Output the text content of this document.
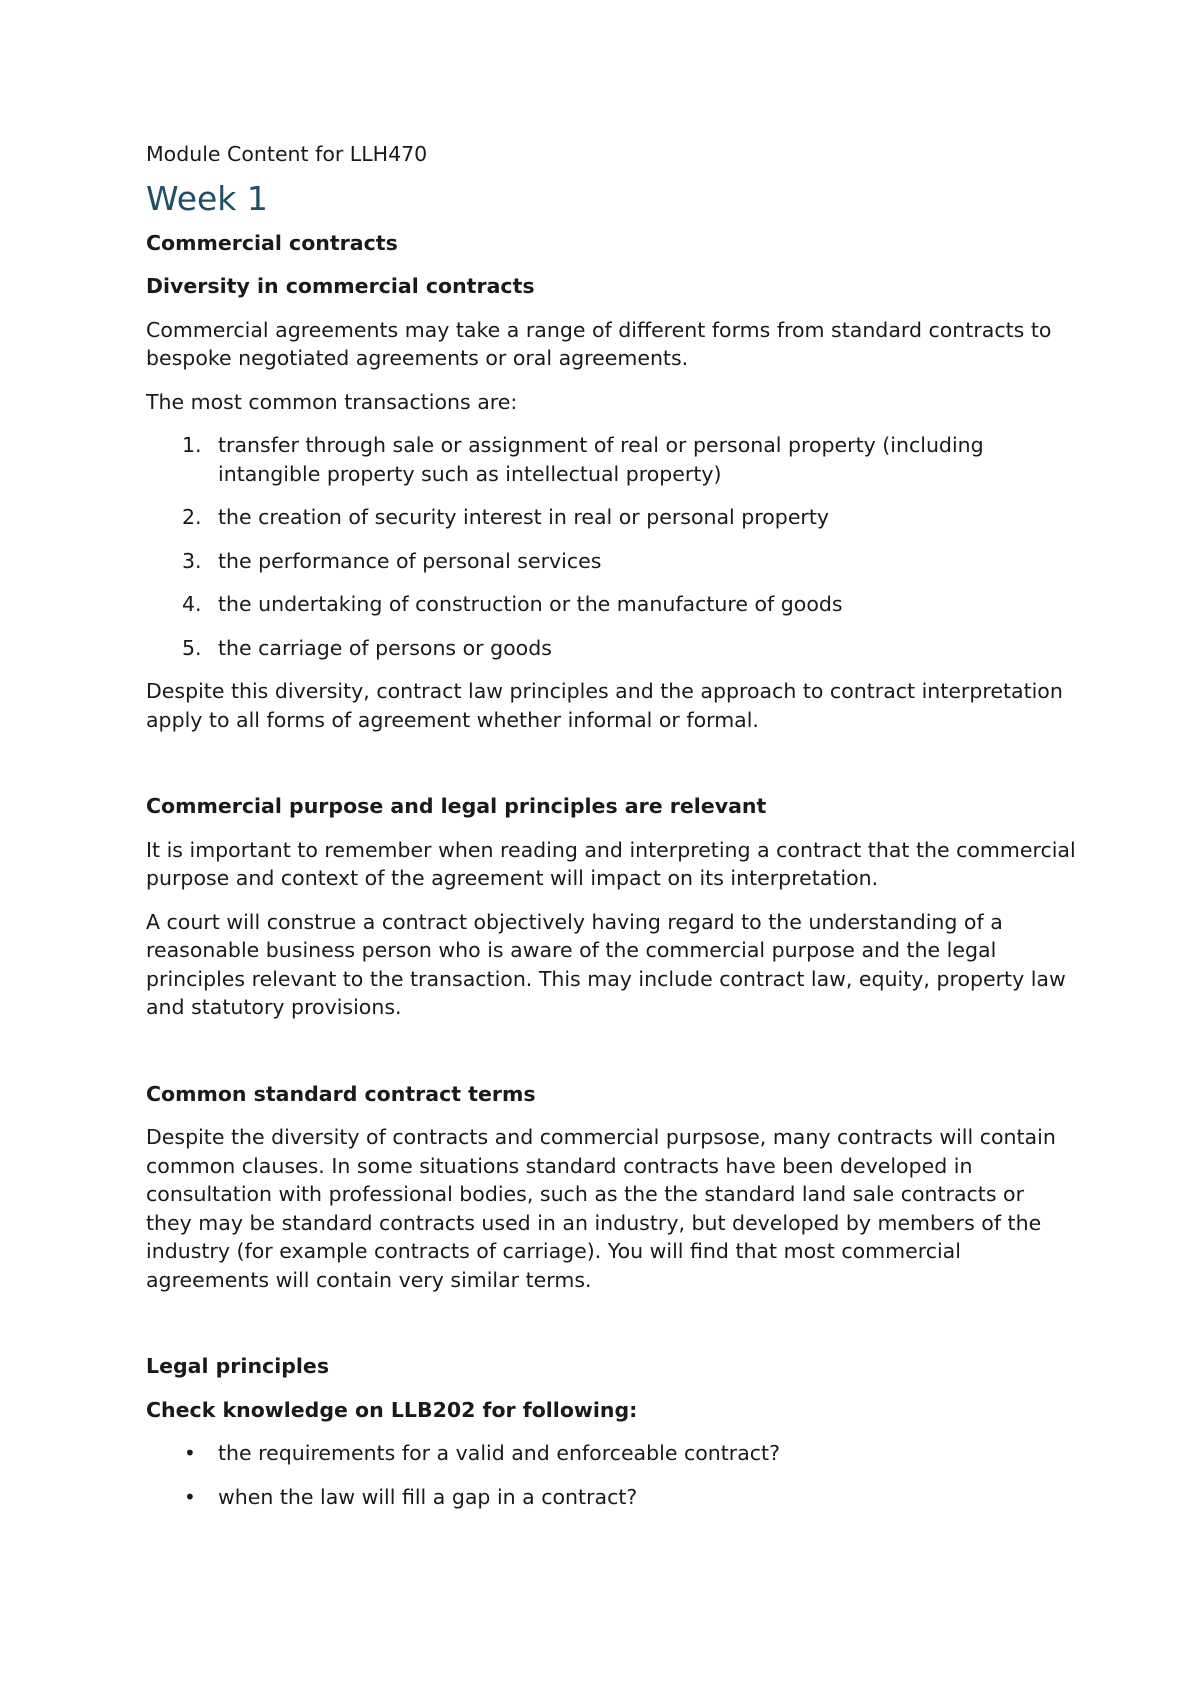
Module Content for LLH470
Week 1
Commercial contracts
Diversity in commercial contracts

Commercial agreements may take a range of different forms from standard contracts to bespoke negotiated agreements or oral agreements.

The most common transactions are:

1. transfer through sale or assignment of real or personal property (including intangible property such as intellectual property)
2. the creation of security interest in real or personal property
3. the performance of personal services
4. the undertaking of construction or the manufacture of goods
5. the carriage of persons or goods

Despite this diversity, contract law principles and the approach to contract interpretation apply to all forms of agreement whether informal or formal.

Commercial purpose and legal principles are relevant

It is important to remember when reading and interpreting a contract that the commercial purpose and context of the agreement will impact on its interpretation.

A court will construe a contract objectively having regard to the understanding of a reasonable business person who is aware of the commercial purpose and the legal principles relevant to the transaction. This may include contract law, equity, property law and statutory provisions.

Common standard contract terms

Despite the diversity of contracts and commercial purpsose, many contracts will contain common clauses. In some situations standard contracts have been developed in consultation with professional bodies, such as the the standard land sale contracts or they may be standard contracts used in an industry, but developed by members of the industry (for example contracts of carriage). You will find that most commercial agreements will contain very similar terms.

Legal principles
Check knowledge on LLB202 for following:
• the requirements for a valid and enforceable contract?
• when the law will fill a gap in a contract?
